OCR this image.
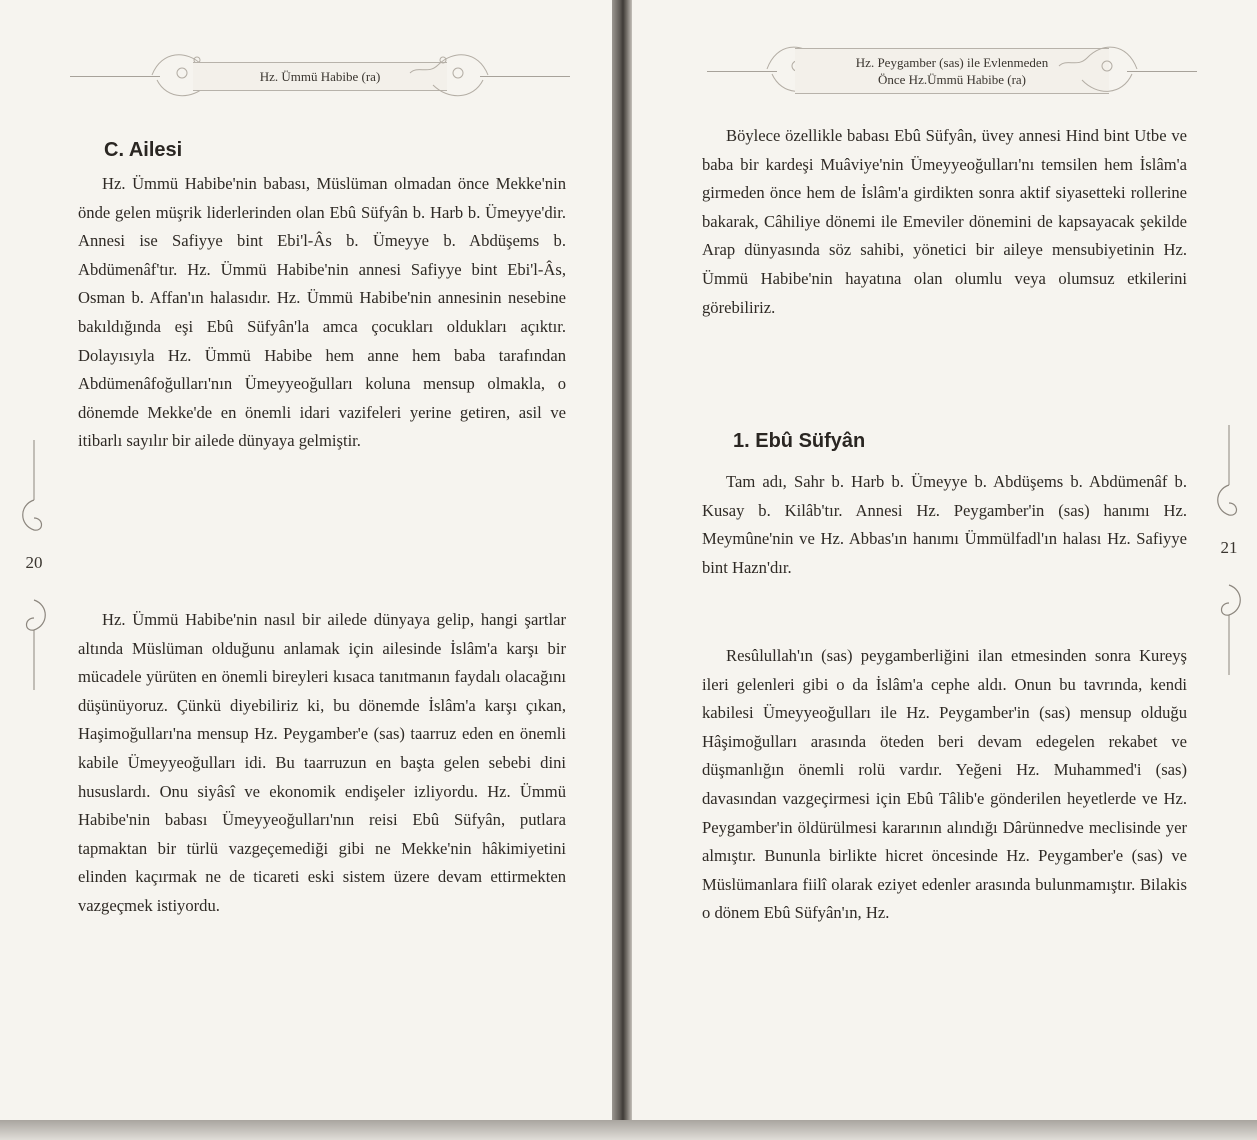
Hz. Ümmü Habibe (ra)
C. Ailesi

Hz. Ümmü Habibe'nin babası, Müslüman olmadan önce Mekke'nin önde gelen müşrik liderlerinden olan Ebû Süfyân b. Harb b. Ümeyye'dir. Annesi ise Safiyye bint Ebi'l-Âs b. Ümeyye b. Abdüşems b. Abdümenâf'tır. Hz. Ümmü Habibe'nin annesi Safiyye bint Ebi'l-Âs, Osman b. Affan'ın halasıdır. Hz. Ümmü Habibe'nin annesinin nesebine bakıldığında eşi Ebû Süfyân'la amca çocukları oldukları açıktır. Dolayısıyla Hz. Ümmü Habibe hem anne hem baba tarafından Abdümenâfoğulları'nın Ümeyyeoğulları koluna mensup olmakla, o dönemde Mekke'de en önemli idari vazifeleri yerine getiren, asil ve itibarlı sayılır bir ailede dünyaya gelmiştir.

Hz. Ümmü Habibe'nin nasıl bir ailede dünyaya gelip, hangi şartlar altında Müslüman olduğunu anlamak için ailesinde İslâm'a karşı bir mücadele yürüten en önemli bireyleri kısaca tanıtmanın faydalı olacağını düşünüyoruz. Çünkü diyebiliriz ki, bu dönemde İslâm'a karşı çıkan, Haşimoğulları'na mensup Hz. Peygamber'e (sas) taarruz eden en önemli kabile Ümeyyeoğulları idi. Bu taarruzun en başta gelen sebebi dini hususlardı. Onu siyâsî ve ekonomik endişeler izliyordu. Hz. Ümmü Habibe'nin babası Ümeyyeoğulları'nın reisi Ebû Süfyân, putlara tapmaktan bir türlü vazgeçemediği gibi ne Mekke'nin hâkimiyetini elinden kaçırmak ne de ticareti eski sistem üzere devam ettirmekten vazgeçmek istiyordu.

20
Hz. Peygamber (sas) ile Evlenmeden
Önce Hz.Ümmü Habibe (ra)

Böylece özellikle babası Ebû Süfyân, üvey annesi Hind bint Utbe ve baba bir kardeşi Muâviye'nin Ümeyyeoğulları'nı temsilen hem İslâm'a girmeden önce hem de İslâm'a girdikten sonra aktif siyasetteki rollerine bakarak, Câhiliye dönemi ile Emeviler dönemini de kapsayacak şekilde Arap dünyasında söz sahibi, yönetici bir aileye mensubiyetinin Hz. Ümmü Habibe'nin hayatına olan olumlu veya olumsuz etkilerini görebiliriz.

1. Ebû Süfyân

Tam adı, Sahr b. Harb b. Ümeyye b. Abdüşems b. Abdümenâf b. Kusay b. Kilâb'tır. Annesi Hz. Peygamber'in (sas) hanımı Hz. Meymûne'nin ve Hz. Abbas'ın hanımı Ümmülfadl'ın halası Hz. Safiyye bint Hazn'dır.

Resûlullah'ın (sas) peygamberliğini ilan etmesinden sonra Kureyş ileri gelenleri gibi o da İslâm'a cephe aldı. Onun bu tavrında, kendi kabilesi Ümeyyeoğulları ile Hz. Peygamber'in (sas) mensup olduğu Hâşimoğulları arasında öteden beri devam edegelen rekabet ve düşmanlığın önemli rolü vardır. Yeğeni Hz. Muhammed'i (sas) davasından vazgeçirmesi için Ebû Tâlib'e gönderilen heyetlerde ve Hz. Peygamber'in öldürülmesi kararının alındığı Dârünnedve meclisinde yer almıştır. Bununla birlikte hicret öncesinde Hz. Peygamber'e (sas) ve Müslümanlara fiilî olarak eziyet edenler arasında bulunmamıştır. Bilakis o dönem Ebû Süfyân'ın, Hz.

21
